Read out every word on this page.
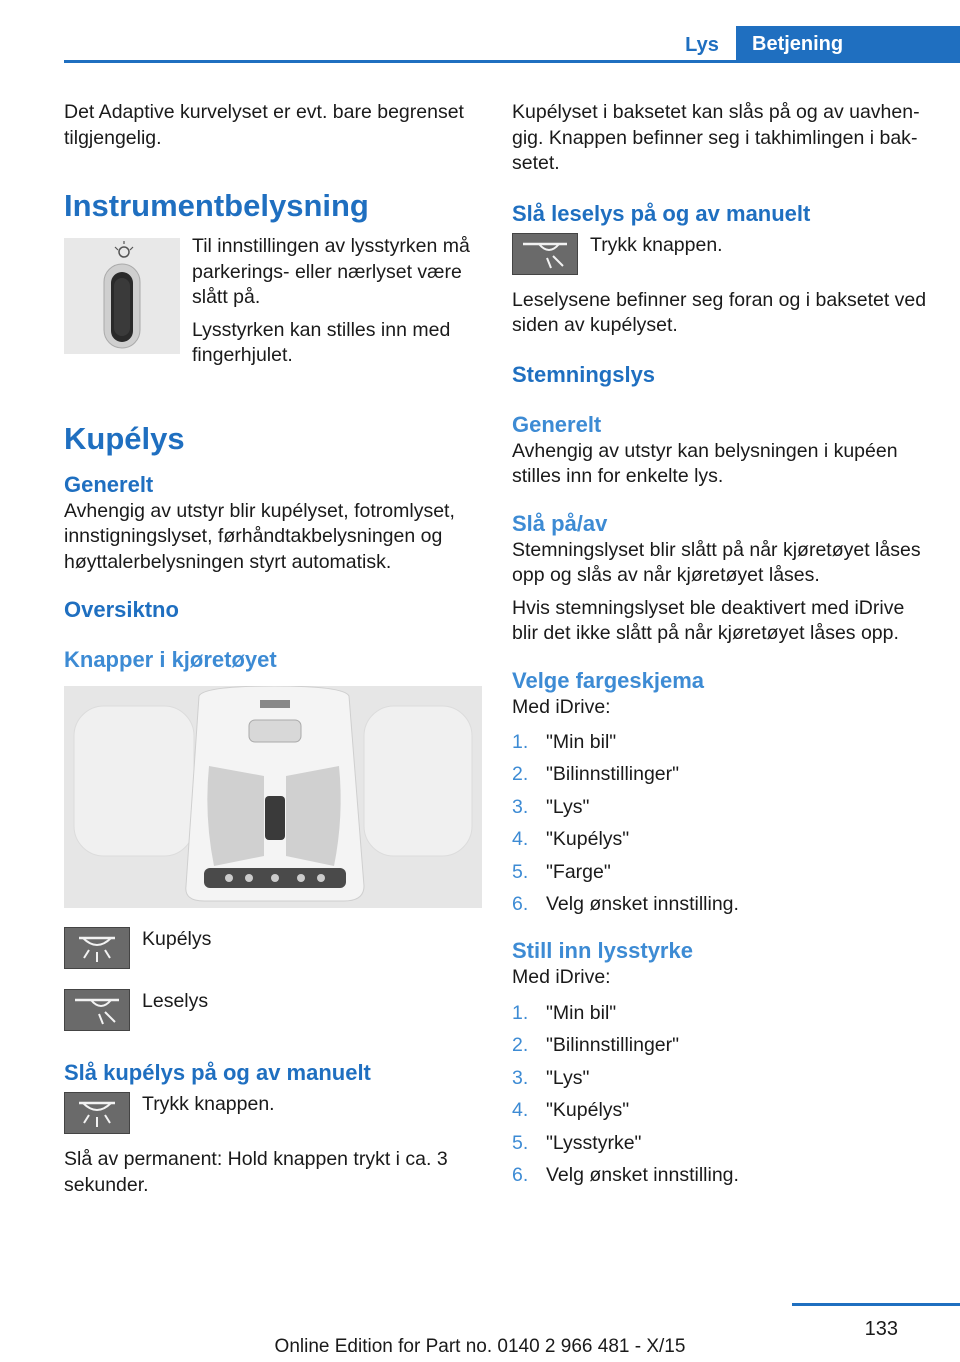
Lys	Betjening

Det Adaptive kurvelyset er evt. bare begrenset tilgjengelig.

Instrumentbelysning

Til innstillingen av lysstyrken må parkerings- eller nærlyset være slått på.

Lysstyrken kan stilles inn med fingerhjulet.

Kupélys
Generelt

Avhengig av utstyr blir kupélyset, fotromlyset, innstigningslyset, førhåndtakbelysningen og høyttalerbelysningen styrt automatisk.

Oversiktno
Knapper i kjøretøyet

Kupélys

Leselys

Slå kupélys på og av manuelt

Trykk knappen.

Slå av permanent: Hold knappen trykt i ca. 3 sekunder.

Kupélyset i baksetet kan slås på og av uavhengig. Knappen befinner seg i takhimlingen i baksetet.

Slå leselys på og av manuelt

Trykk knappen.

Leselysene befinner seg foran og i baksetet ved siden av kupélyset.

Stemningslys
Generelt

Avhengig av utstyr kan belysningen i kupéen stilles inn for enkelte lys.

Slå på/av

Stemningslyset blir slått på når kjøretøyet låses opp og slås av når kjøretøyet låses.

Hvis stemningslyset ble deaktivert med iDrive blir det ikke slått på når kjøretøyet låses opp.

Velge fargeskjema

Med iDrive:

1. "Min bil"
2. "Bilinnstillinger"
3. "Lys"
4. "Kupélys"
5. "Farge"
6. Velg ønsket innstilling.
Still inn lysstyrke

Med iDrive:

1. "Min bil"
2. "Bilinnstillinger"
3. "Lys"
4. "Kupélys"
5. "Lysstyrke"
6. Velg ønsket innstilling.
133
Online Edition for Part no. 0140 2 966 481 - X/15
